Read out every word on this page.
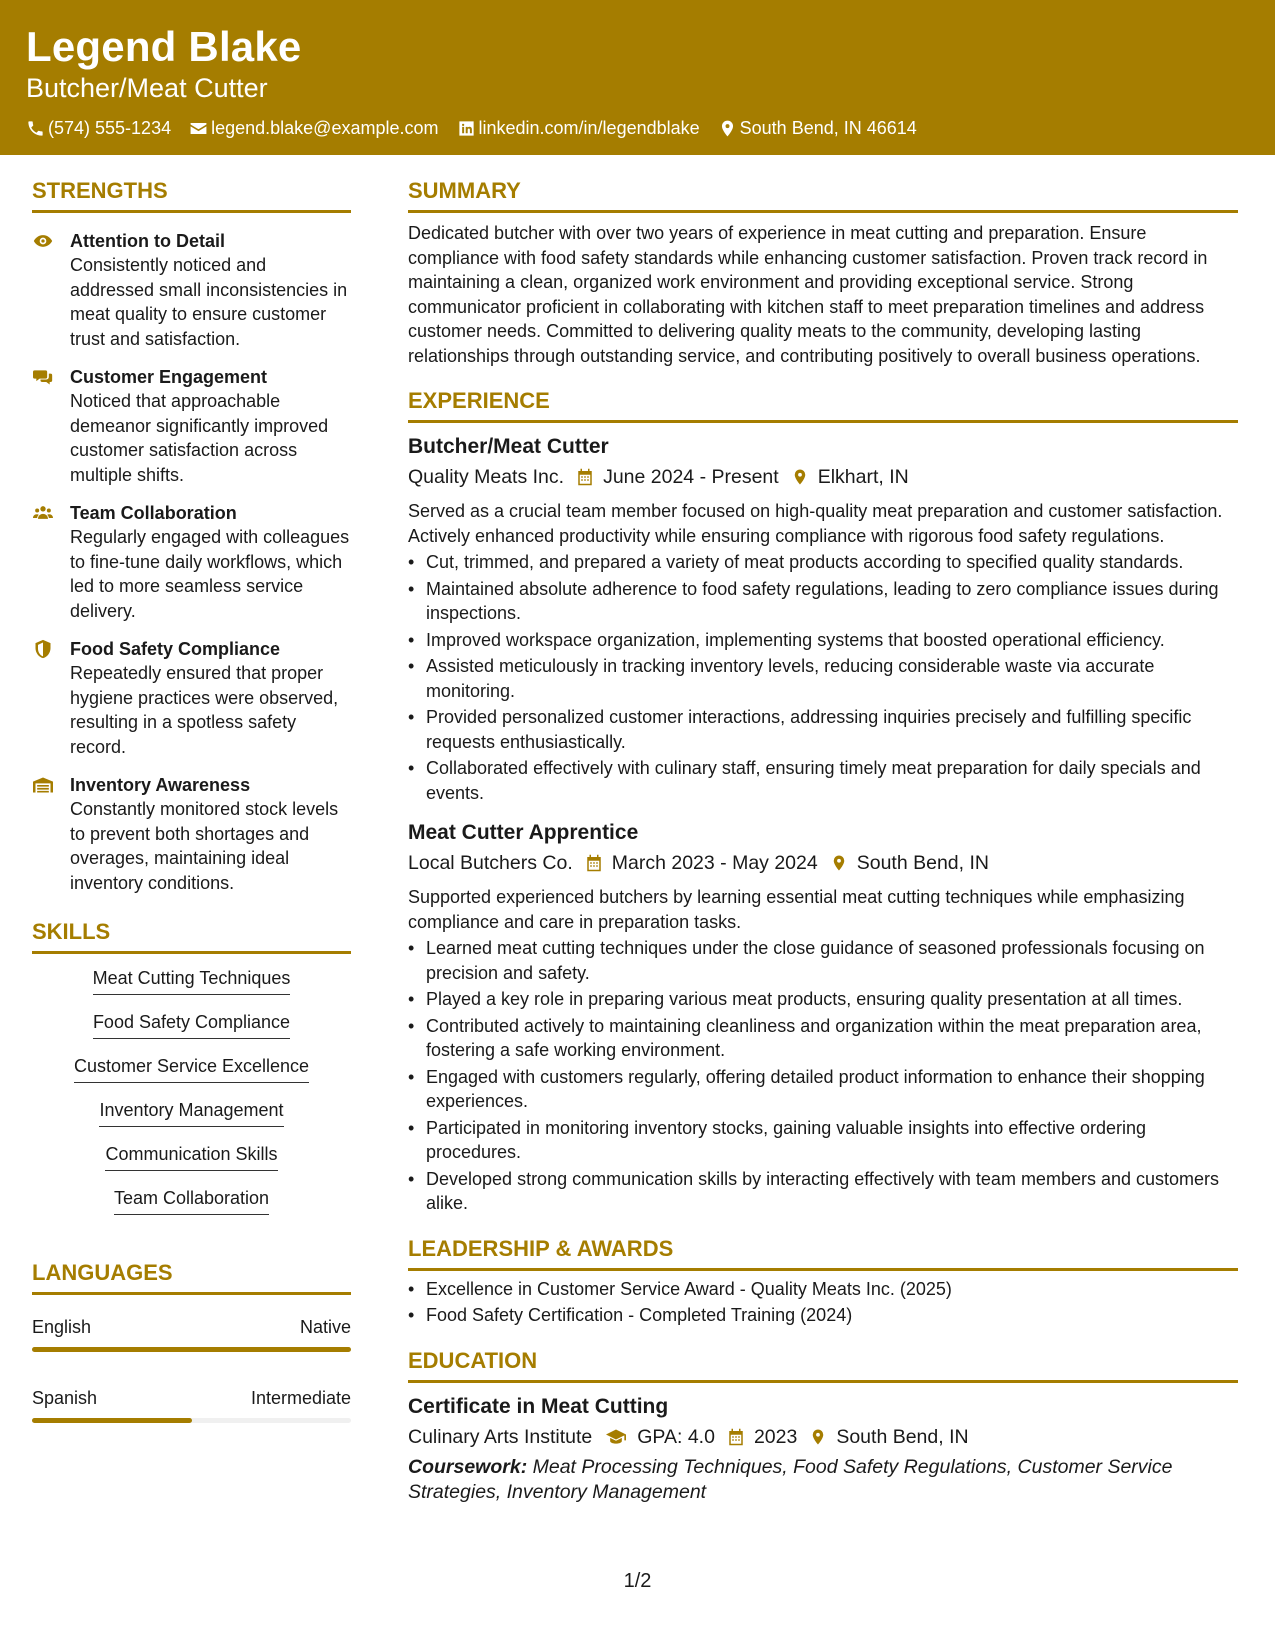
Legend Blake
Butcher/Meat Cutter
(574) 555-1234 legend.blake@example.com linkedin.com/in/legendblake South Bend, IN 46614
STRENGTHS
Attention to Detail
Consistently noticed and addressed small inconsistencies in meat quality to ensure customer trust and satisfaction.
Customer Engagement
Noticed that approachable demeanor significantly improved customer satisfaction across multiple shifts.
Team Collaboration
Regularly engaged with colleagues to fine-tune daily workflows, which led to more seamless service delivery.
Food Safety Compliance
Repeatedly ensured that proper hygiene practices were observed, resulting in a spotless safety record.
Inventory Awareness
Constantly monitored stock levels to prevent both shortages and overages, maintaining ideal inventory conditions.
SKILLS
Meat Cutting Techniques
Food Safety Compliance
Customer Service Excellence
Inventory Management
Communication Skills
Team Collaboration
LANGUAGES
English	Native
Spanish	Intermediate
SUMMARY
Dedicated butcher with over two years of experience in meat cutting and preparation. Ensure compliance with food safety standards while enhancing customer satisfaction. Proven track record in maintaining a clean, organized work environment and providing exceptional service. Strong communicator proficient in collaborating with kitchen staff to meet preparation timelines and address customer needs. Committed to delivering quality meats to the community, developing lasting relationships through outstanding service, and contributing positively to overall business operations.
EXPERIENCE
Butcher/Meat Cutter
Quality Meats Inc. June 2024 - Present Elkhart, IN
Served as a crucial team member focused on high-quality meat preparation and customer satisfaction. Actively enhanced productivity while ensuring compliance with rigorous food safety regulations.
• Cut, trimmed, and prepared a variety of meat products according to specified quality standards.
• Maintained absolute adherence to food safety regulations, leading to zero compliance issues during inspections.
• Improved workspace organization, implementing systems that boosted operational efficiency.
• Assisted meticulously in tracking inventory levels, reducing considerable waste via accurate monitoring.
• Provided personalized customer interactions, addressing inquiries precisely and fulfilling specific requests enthusiastically.
• Collaborated effectively with culinary staff, ensuring timely meat preparation for daily specials and events.
Meat Cutter Apprentice
Local Butchers Co. March 2023 - May 2024 South Bend, IN
Supported experienced butchers by learning essential meat cutting techniques while emphasizing compliance and care in preparation tasks.
• Learned meat cutting techniques under the close guidance of seasoned professionals focusing on precision and safety.
• Played a key role in preparing various meat products, ensuring quality presentation at all times.
• Contributed actively to maintaining cleanliness and organization within the meat preparation area, fostering a safe working environment.
• Engaged with customers regularly, offering detailed product information to enhance their shopping experiences.
• Participated in monitoring inventory stocks, gaining valuable insights into effective ordering procedures.
• Developed strong communication skills by interacting effectively with team members and customers alike.
LEADERSHIP & AWARDS
• Excellence in Customer Service Award - Quality Meats Inc. (2025)
• Food Safety Certification - Completed Training (2024)
EDUCATION
Certificate in Meat Cutting
Culinary Arts Institute GPA: 4.0 2023 South Bend, IN
Coursework: Meat Processing Techniques, Food Safety Regulations, Customer Service Strategies, Inventory Management
1/2
